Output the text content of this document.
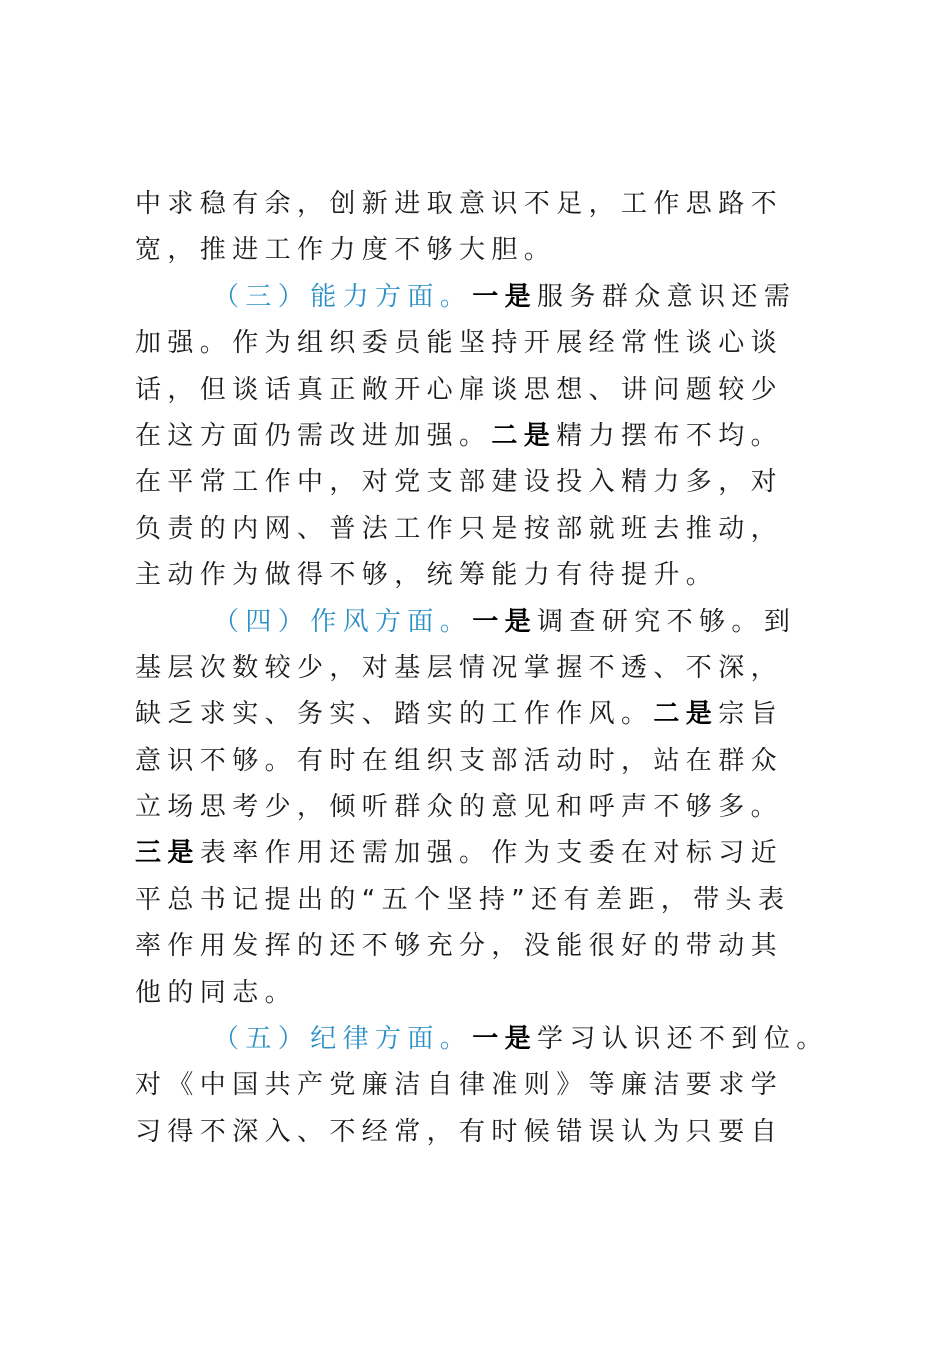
中求稳有余，创新进取意识不足，工作思路不
宽，推进工作力度不够大胆。
（三）能力方面。一是服务群众意识还需
加强。作为组织委员能坚持开展经常性谈心谈
话，但谈话真正敞开心扉谈思想、讲问题较少
在这方面仍需改进加强。二是精力摆布不均。
在平常工作中，对党支部建设投入精力多，对
负责的内网、普法工作只是按部就班去推动，
主动作为做得不够，统筹能力有待提升。
（四）作风方面。一是调查研究不够。到
基层次数较少，对基层情况掌握不透、不深，
缺乏求实、务实、踏实的工作作风。二是宗旨
意识不够。有时在组织支部活动时，站在群众
立场思考少，倾听群众的意见和呼声不够多。
三是表率作用还需加强。作为支委在对标习近
平总书记提出的“五个坚持”还有差距，带头表
率作用发挥的还不够充分，没能很好的带动其
他的同志。
（五）纪律方面。一是学习认识还不到位。
对《中国共产党廉洁自律准则》等廉洁要求学
习得不深入、不经常，有时候错误认为只要自
